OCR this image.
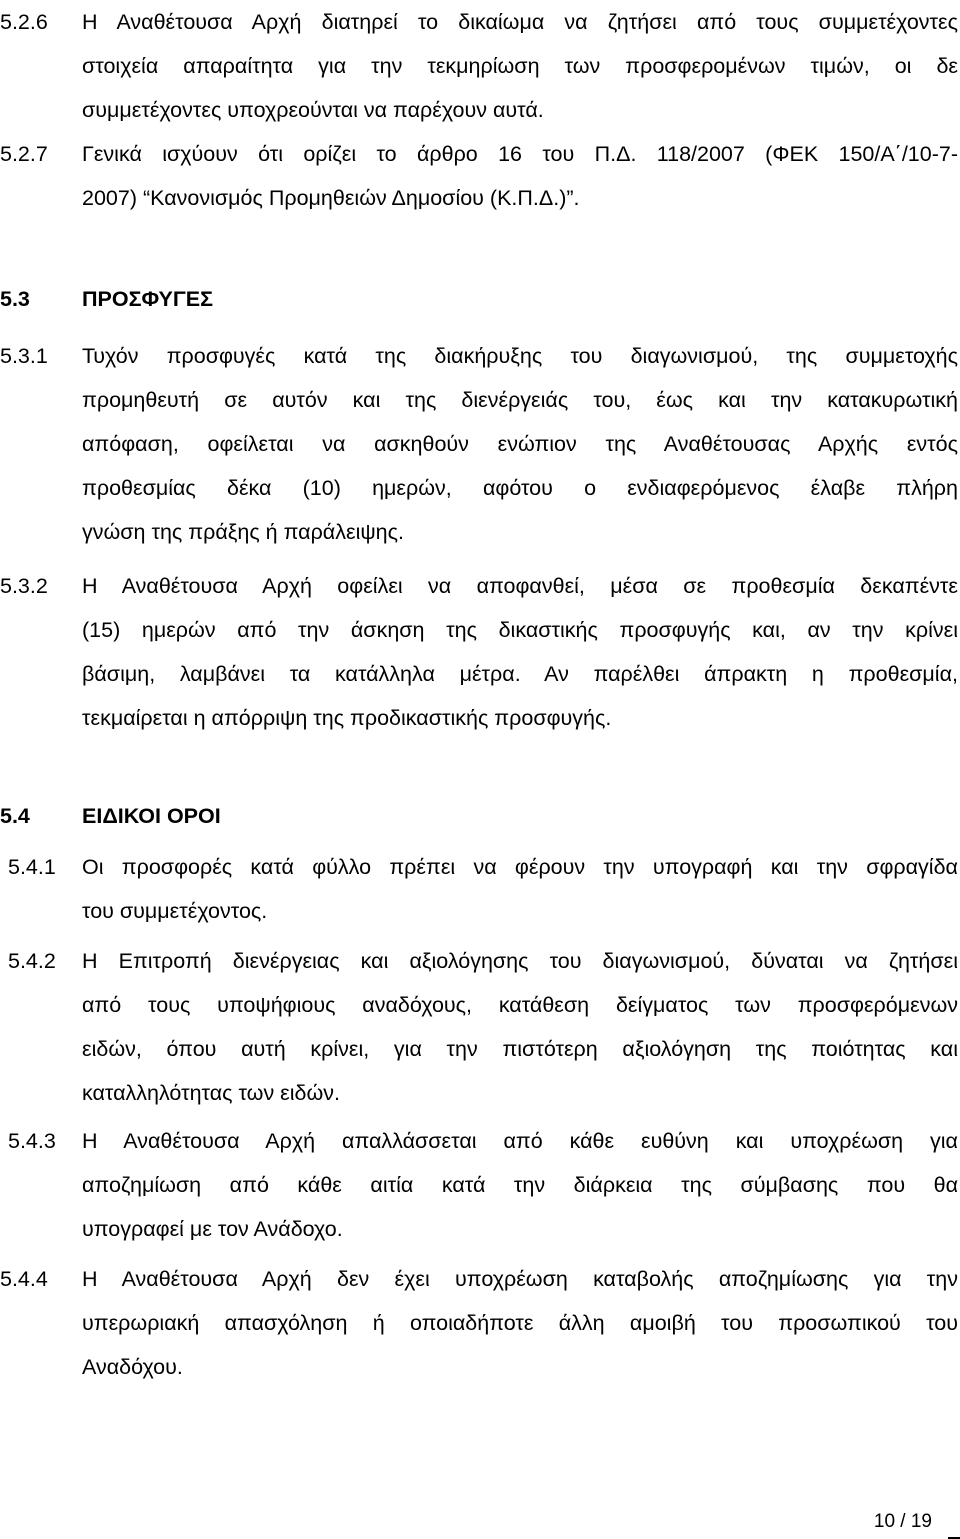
5.2.6 Η Αναθέτουσα Αρχή διατηρεί το δικαίωμα να ζητήσει από τους συμμετέχοντες
στοιχεία απαραίτητα για την τεκμηρίωση των προσφερομένων τιμών, οι δε
συμμετέχοντες υποχρεούνται να παρέχουν αυτά.
5.2.7 Γενικά ισχύουν ότι ορίζει το άρθρο 16 του Π.Δ. 118/2007 (ΦΕΚ 150/Α΄/10-7-
2007) “Κανονισμός Προμηθειών Δημοσίου (Κ.Π.Δ.)”.
5.3 ΠΡΟΣΦΥΓΕΣ
5.3.1 Τυχόν προσφυγές κατά της διακήρυξης του διαγωνισμού, της συμμετοχής
προμηθευτή σε αυτόν και της διενέργειάς του, έως και την κατακυρωτική
απόφαση, οφείλεται να ασκηθούν ενώπιον της Αναθέτουσας Αρχής εντός
προθεσμίας δέκα (10) ημερών, αφότου ο ενδιαφερόμενος έλαβε πλήρη
γνώση της πράξης ή παράλειψης.
5.3.2 Η Αναθέτουσα Αρχή οφείλει να αποφανθεί, μέσα σε προθεσμία δεκαπέντε
(15) ημερών από την άσκηση της δικαστικής προσφυγής και, αν την κρίνει
βάσιμη, λαμβάνει τα κατάλληλα μέτρα. Αν παρέλθει άπρακτη η προθεσμία,
τεκμαίρεται η απόρριψη της προδικαστικής προσφυγής.
5.4 ΕΙΔΙΚΟΙ ΟΡΟΙ
5.4.1 Οι προσφορές κατά φύλλο πρέπει να φέρουν την υπογραφή και την σφραγίδα
του συμμετέχοντος.
5.4.2 Η Επιτροπή διενέργειας και αξιολόγησης του διαγωνισμού, δύναται να ζητήσει
από τους υποψήφιους αναδόχους, κατάθεση δείγματος των προσφερόμενων
ειδών, όπου αυτή κρίνει, για την πιστότερη αξιολόγηση της ποιότητας και
καταλληλότητας των ειδών.
5.4.3 Η Αναθέτουσα Αρχή απαλλάσσεται από κάθε ευθύνη και υποχρέωση για
αποζημίωση από κάθε αιτία κατά την διάρκεια της σύμβασης που θα
υπογραφεί με τον Ανάδοχο.
5.4.4 Η Αναθέτουσα Αρχή δεν έχει υποχρέωση καταβολής αποζημίωσης για την
υπερωριακή απασχόληση ή οποιαδήποτε άλλη αμοιβή του προσωπικού του
Αναδόχου.
10 / 19
